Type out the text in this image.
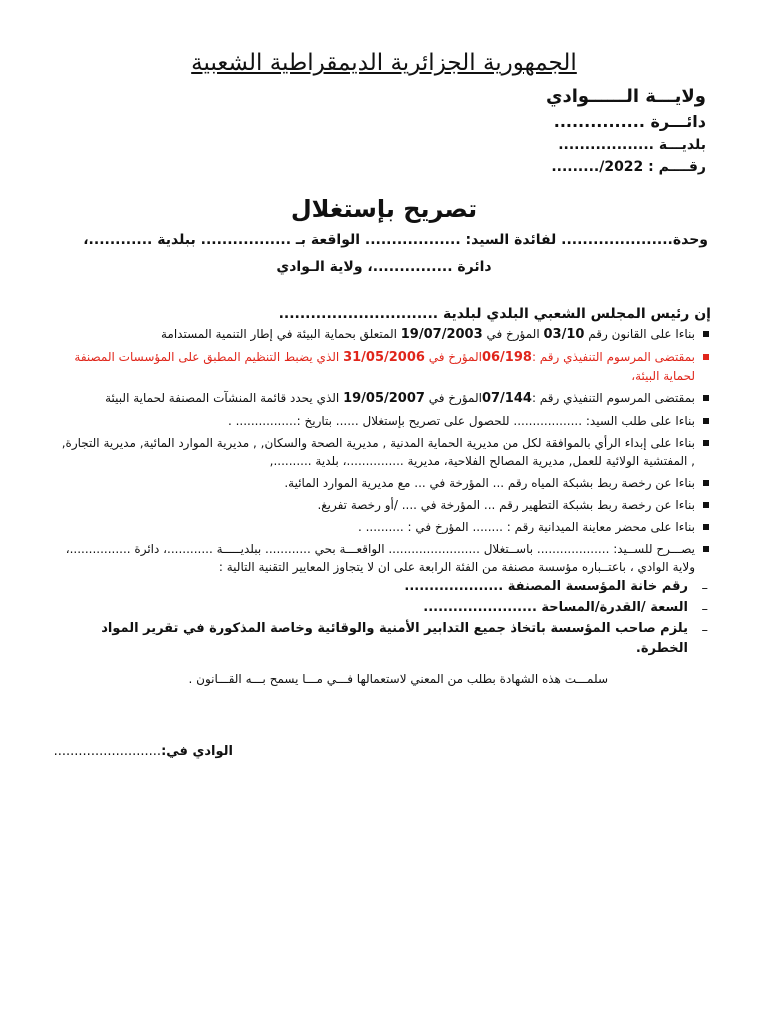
الجمهورية الجزائرية الديمقراطية الشعبية
ولايـــة الــــــوادي
دائـــرة ...............
بلديـــة ..................
رقــــم : 2022/.........
تصريح بإستغلال
وحدة..................... لفائدة السيد: .................. الواقعة بـ ................. ببلدية ............،
دائرة ...............، ولاية الـوادي
إن رئيس المجلس الشعبي البلدي لبلدية ..............................
بناءا على القانون رقم 03/10 المؤرخ في 19/07/2003 المتعلق بحماية البيئة في إطار التنمية المستدامة
بمقتضى المرسوم التنفيذي رقم :06/198المؤرخ في 31/05/2006 الذي يضبط التنظيم المطبق على المؤسسات المصنفة لحماية البيئة،
بمقتضى المرسوم التنفيذي رقم :07/144المؤرخ في 19/05/2007 الذي يحدد قائمة المنشآت المصنفة لحماية البيئة
بناءا على طلب السيد: .................. للحصول على تصريح بإستغلال ...... بتاريخ :................ .
بناءا على إبداء الرأي بالموافقة لكل من مديرية الحماية المدنية , مديرية الصحة والسكان, , مديرية الموارد المائية, مديرية التجارة, , المفتشية الولائية للعمل, مديرية المصالح الفلاحية، مديرية ...............، بلدية ..........,
بناءا عن رخصة ربط بشبكة المياه رقم ... المؤرخة في ... مع مديرية الموارد المائية.
بناءا عن رخصة ربط بشبكة التطهير رقم ... المؤرخة في .... /أو رخصة تفريغ.
بناءا على محضر معاينة الميدانية رقم : ........ المؤرخ في : .......... .
يصـــرح للســيد: ................... باســتغلال ........................ الواقعـــة بحي ............ ببلديـــــة ............، دائرة ................، ولاية الوادي ، باعتــباره مؤسسة مصنفة من الفئة الرابعة على ان لا يتجاوز المعايير التقنية التالية :
– رقم خانة المؤسسة المصنفة ....................
– السعة /القدرة/المساحة .......................
– يلزم صاحب المؤسسة باتخاذ جميع التدابير الأمنية والوقائية وخاصة المذكورة في تقرير المواد الخطرة.
سلمـــت هذه الشهادة بطلب من المعني لاستعمالها فـــي مـــا يسمح بـــه القـــانون .
الوادي في:..........................
